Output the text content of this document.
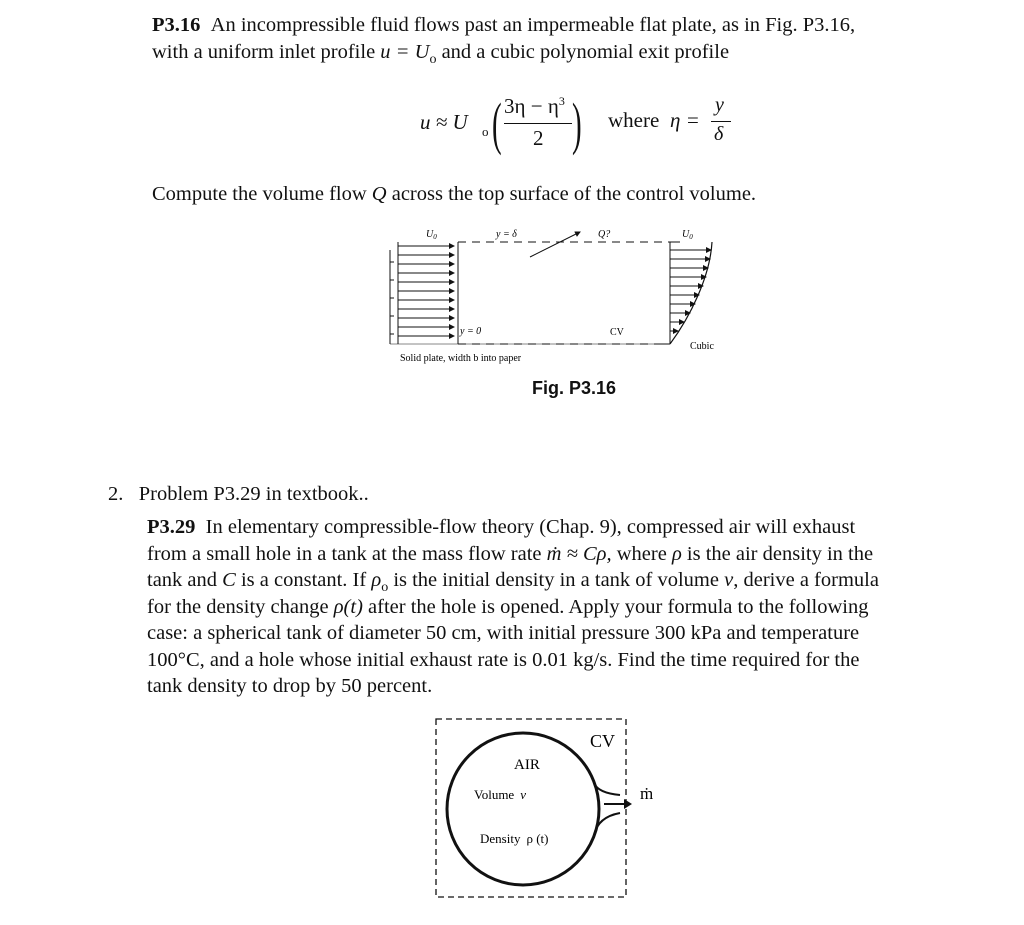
P3.16 An incompressible fluid flows past an impermeable flat plate, as in Fig. P3.16,
with a uniform inlet profile $u = U_o$ and a cubic polynomial exit profile
u ≈ U o ( $3\eta - \eta^3$
2 ) where η =
y
δ
Compute the volume flow Q across the top surface of the control volume.
$U_0$	y = δ	Q?	$U_0$
y = 0	CV
Cubic
Solid plate, width b into paper
Fig. P3.16
2. Problem P3.29 in textbook..
P3.29 In elementary compressible-flow theory (Chap. 9), compressed air will exhaust
from a small hole in a tank at the mass flow rate ṁ ≈ Cρ, where ρ is the air density in the
tank and C is a constant. If $\rho_o$ is the initial density in a tank of volume v, derive a formula
for the density change ρ(t) after the hole is opened. Apply your formula to the following
case: a spherical tank of diameter 50 cm, with initial pressure 300 kPa and temperature
100°C, and a hole whose initial exhaust rate is 0.01 kg/s. Find the time required for the
tank density to drop by 50 percent.
CV
AIR
Volume v
Density ρ (t)
ṁ
